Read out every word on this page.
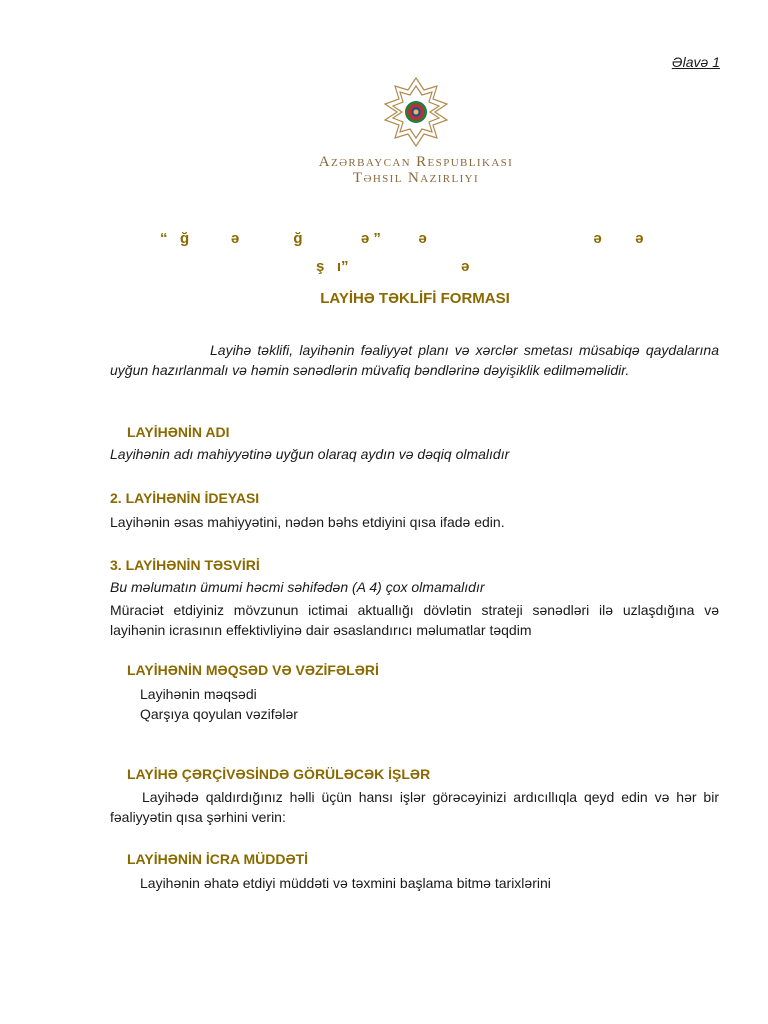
Əlavə 1
Azərbaycan Respublikası
Təhsil Nazirliyi
“   ğ          ə             ğ              ə ”         ə                                        ə        ə
ş   ı”                           ə
LAYİHƏ TƏKLİFİ FORMASI
Layihə təklifi, layihənin fəaliyyət planı və xərclər smetası müsabiqə qaydalarına uyğun hazırlanmalı və həmin sənədlərin müvafiq bəndlərinə dəyişiklik edilməməlidir.
LAYİHƏNİN ADI
Layihənin adı mahiyyətinə uyğun olaraq aydın və dəqiq olmalıdır
2. LAYİHƏNİN İDEYASI
Layihənin əsas mahiyyətini, nədən bəhs etdiyini qısa ifadə edin.
3. LAYİHƏNİN TƏSVİRİ
Bu məlumatın ümumi həcmi səhifədən (A 4) çox olmamalıdır
Müraciət etdiyiniz mövzunun ictimai aktuallığı dövlətin strateji sənədləri ilə uzlaşdığına və layihənin icrasının effektivliyinə dair əsaslandırıcı məlumatlar təqdim
LAYİHƏNİN MƏQSƏD VƏ VƏZİFƏLƏRİ
Layihənin məqsədi
Qarşıya qoyulan vəzifələr
LAYİHƏ ÇƏRÇİVƏSİNDƏ GÖRÜLƏCƏK İŞLƏR
Layihədə qaldırdığınız həlli üçün hansı işlər görəcəyinizi ardıcıllıqla qeyd edin və hər bir fəaliyyətin qısa şərhini verin:
LAYİHƏNİN İCRA MÜDDƏTİ
Layihənin əhatə etdiyi müddəti və təxmini başlama bitmə tarixlərini
